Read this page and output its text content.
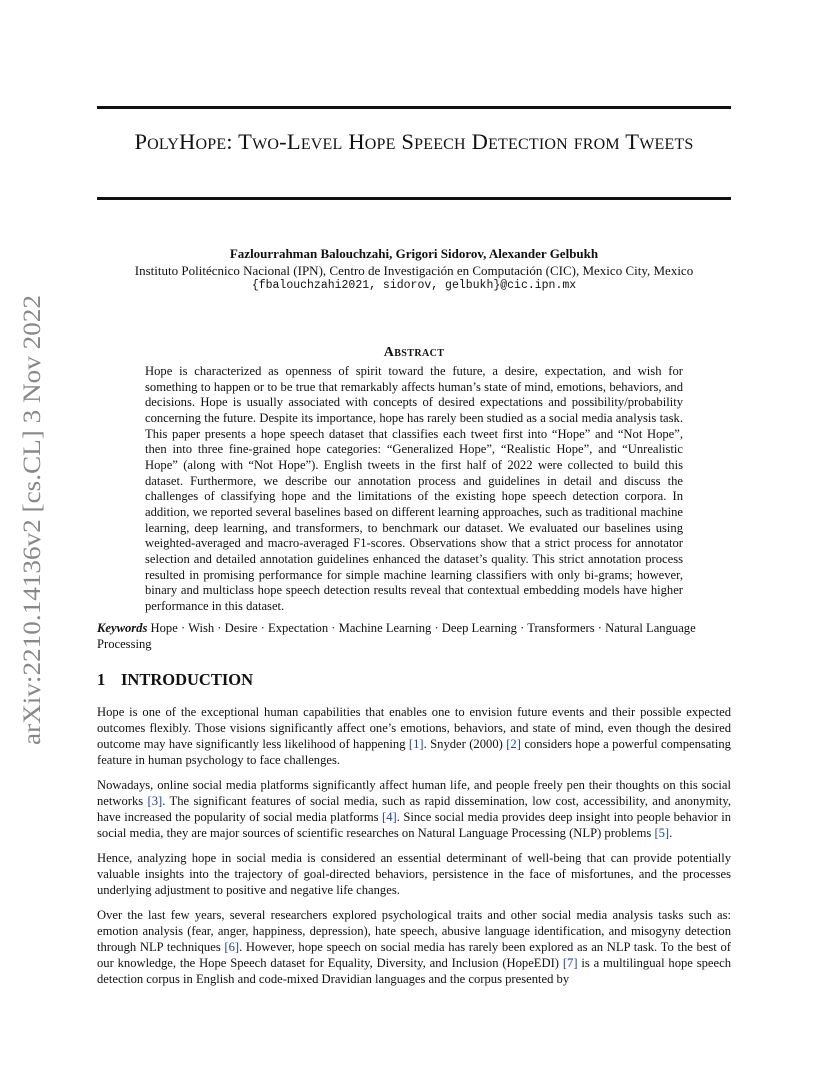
arXiv:2210.14136v2 [cs.CL] 3 Nov 2022
PolyHope: Two-Level Hope Speech Detection from Tweets
Fazlourrahman Balouchzahi, Grigori Sidorov, Alexander Gelbukh
Instituto Politécnico Nacional (IPN), Centro de Investigación en Computación (CIC), Mexico City, Mexico
{fbalouchzahi2021, sidorov, gelbukh}@cic.ipn.mx
Abstract
Hope is characterized as openness of spirit toward the future, a desire, expectation, and wish for something to happen or to be true that remarkably affects human’s state of mind, emotions, behaviors, and decisions. Hope is usually associated with concepts of desired expectations and possibility/probability concerning the future. Despite its importance, hope has rarely been studied as a social media analysis task. This paper presents a hope speech dataset that classifies each tweet first into “Hope” and “Not Hope”, then into three fine-grained hope categories: “Generalized Hope”, “Realistic Hope”, and “Unrealistic Hope” (along with “Not Hope”). English tweets in the first half of 2022 were collected to build this dataset. Furthermore, we describe our annotation process and guidelines in detail and discuss the challenges of classifying hope and the limitations of the existing hope speech detection corpora. In addition, we reported several baselines based on different learning approaches, such as traditional machine learning, deep learning, and transformers, to benchmark our dataset. We evaluated our baselines using weighted-averaged and macro-averaged F1-scores. Observations show that a strict process for annotator selection and detailed annotation guidelines enhanced the dataset’s quality. This strict annotation process resulted in promising performance for simple machine learning classifiers with only bi-grams; however, binary and multiclass hope speech detection results reveal that contextual embedding models have higher performance in this dataset.
Keywords Hope · Wish · Desire · Expectation · Machine Learning · Deep Learning · Transformers · Natural Language Processing
1 INTRODUCTION

Hope is one of the exceptional human capabilities that enables one to envision future events and their possible expected outcomes flexibly. Those visions significantly affect one’s emotions, behaviors, and state of mind, even though the desired outcome may have significantly less likelihood of happening [1]. Snyder (2000) [2] considers hope a powerful compensating feature in human psychology to face challenges.

Nowadays, online social media platforms significantly affect human life, and people freely pen their thoughts on this social networks [3]. The significant features of social media, such as rapid dissemination, low cost, accessibility, and anonymity, have increased the popularity of social media platforms [4]. Since social media provides deep insight into people behavior in social media, they are major sources of scientific researches on Natural Language Processing (NLP) problems [5].

Hence, analyzing hope in social media is considered an essential determinant of well-being that can provide potentially valuable insights into the trajectory of goal-directed behaviors, persistence in the face of misfortunes, and the processes underlying adjustment to positive and negative life changes.

Over the last few years, several researchers explored psychological traits and other social media analysis tasks such as: emotion analysis (fear, anger, happiness, depression), hate speech, abusive language identification, and misogyny detection through NLP techniques [6]. However, hope speech on social media has rarely been explored as an NLP task. To the best of our knowledge, the Hope Speech dataset for Equality, Diversity, and Inclusion (HopeEDI) [7] is a multilingual hope speech detection corpus in English and code-mixed Dravidian languages and the corpus presented by
